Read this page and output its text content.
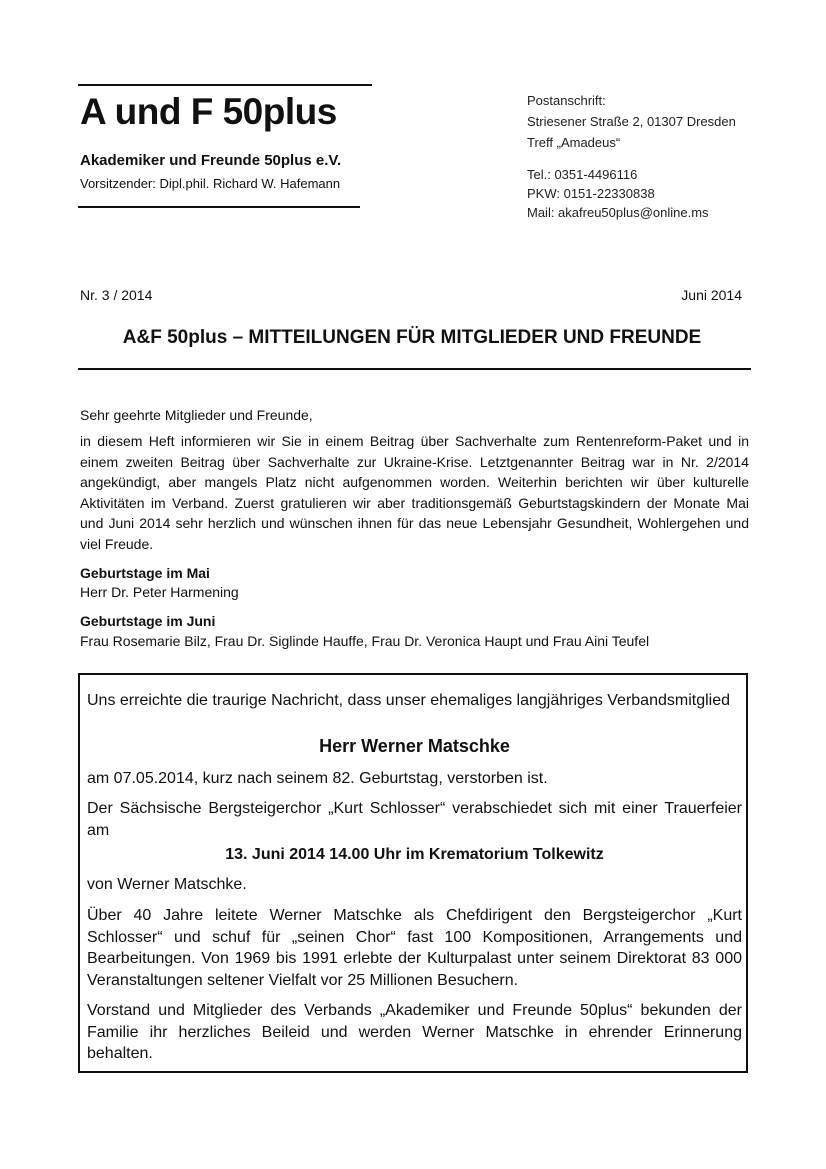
A und F 50plus

Akademiker und Freunde 50plus e.V.

Vorsitzender: Dipl.phil. Richard W. Hafemann

Postanschrift:

Striesener Straße 2, 01307 Dresden

Treff „Amadeus“

Tel.: 0351-4496116

PKW: 0151-22330838

Mail: akafreu50plus@online.ms

Nr. 3 / 2014	Juni 2014
A&F 50plus – MITTEILUNGEN FÜR MITGLIEDER UND FREUNDE

Sehr geehrte Mitglieder und Freunde,

in diesem Heft informieren wir Sie in einem Beitrag über Sachverhalte zum Rentenreform-Paket und in einem zweiten Beitrag über Sachverhalte zur Ukraine-Krise. Letztgenannter Beitrag war in Nr. 2/2014 angekündigt, aber mangels Platz nicht aufgenommen worden. Weiterhin berichten wir über kulturelle Aktivitäten im Verband. Zuerst gratulieren wir aber traditionsgemäß Geburtstagskindern der Monate Mai und Juni 2014 sehr herzlich und wünschen ihnen für das neue Lebensjahr Gesundheit, Wohlergehen und viel Freude.

Geburtstage im Mai

Herr Dr. Peter Harmening

Geburtstage im Juni

Frau Rosemarie Bilz, Frau Dr. Siglinde Hauffe, Frau Dr. Veronica Haupt und Frau Aini Teufel

Uns erreichte die traurige Nachricht, dass unser ehemaliges langjähriges Verbandsmitglied

Herr Werner Matschke

am 07.05.2014, kurz nach seinem 82. Geburtstag, verstorben ist.

Der Sächsische Bergsteigerchor „Kurt Schlosser“ verabschiedet sich mit einer Trauerfeier am

13. Juni 2014 14.00 Uhr im Krematorium Tolkewitz

von Werner Matschke.

Über 40 Jahre leitete Werner Matschke als Chefdirigent den Bergsteigerchor „Kurt Schlosser“ und schuf für „seinen Chor“ fast 100 Kompositionen, Arrangements und Bearbeitungen. Von 1969 bis 1991 erlebte der Kulturpalast unter seinem Direktorat 83 000 Veranstaltungen seltener Vielfalt vor 25 Millionen Besuchern.

Vorstand und Mitglieder des Verbands „Akademiker und Freunde 50plus“ bekunden der Familie ihr herzliches Beileid und werden Werner Matschke in ehrender Erinnerung behalten.
